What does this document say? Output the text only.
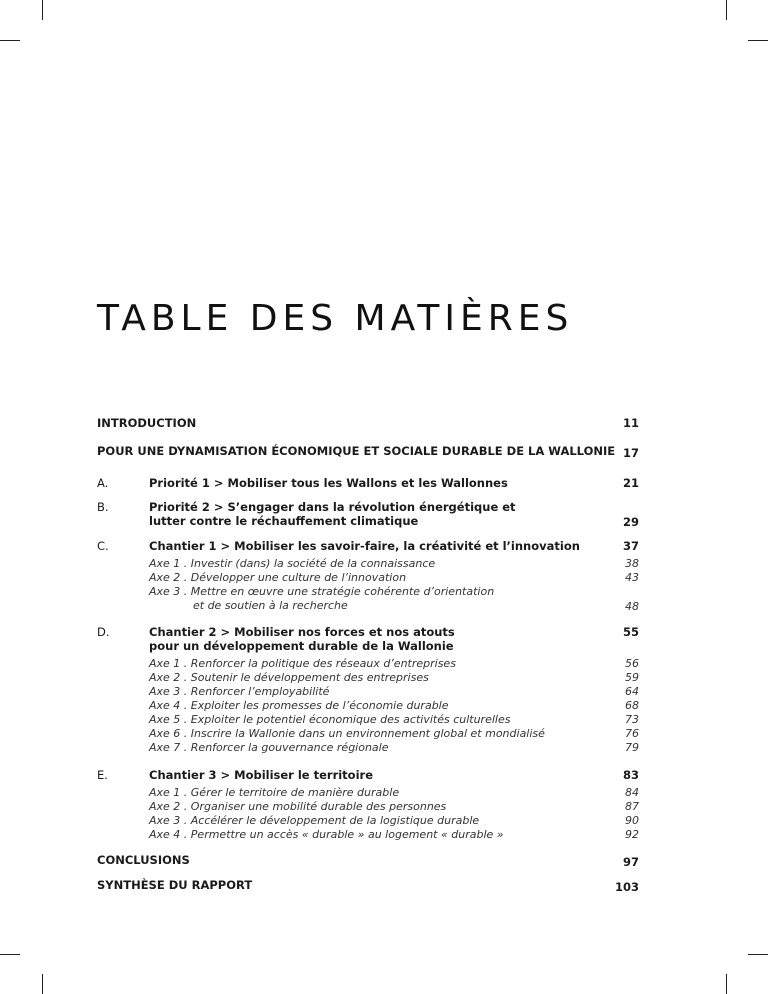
TABLE DES MATIÈRES
INTRODUCTION	11
POUR UNE DYNAMISATION ÉCONOMIQUE ET SOCIALE DURABLE DE LA WALLONIE 17
A.	Priorité 1 > Mobiliser tous les Wallons et les Wallonnes	21
B.	Priorité 2 > S’engager dans la révolution énergétique et
lutter contre le réchauffement climatique	29
C.	Chantier 1 > Mobiliser les savoir-faire, la créativité et l’innovation	37
Axe 1 . Investir (dans) la société de la connaissance	38
Axe 2 . Développer une culture de l’innovation	43
Axe 3 . Mettre en œuvre une stratégie cohérente d’orientation
et de soutien à la recherche	48
D.	Chantier 2 > Mobiliser nos forces et nos atouts
pour un développement durable de la Wallonie
55
Axe 1 . Renforcer la politique des réseaux d’entreprises	56
Axe 2 . Soutenir le développement des entreprises	59
Axe 3 . Renforcer l’employabilité	64
Axe 4 . Exploiter les promesses de l’économie durable	68
Axe 5 . Exploiter le potentiel économique des activités culturelles	73
Axe 6 . Inscrire la Wallonie dans un environnement global et mondialisé	76
Axe 7 . Renforcer la gouvernance régionale	79
E.	Chantier 3 > Mobiliser le territoire	83
Axe 1 . Gérer le territoire de manière durable	84
Axe 2 . Organiser une mobilité durable des personnes	87
Axe 3 . Accélérer le développement de la logistique durable	90
Axe 4 . Permettre un accès « durable » au logement « durable »	92
CONCLUSIONS	97
SYNTHÈSE DU RAPPORT	103
